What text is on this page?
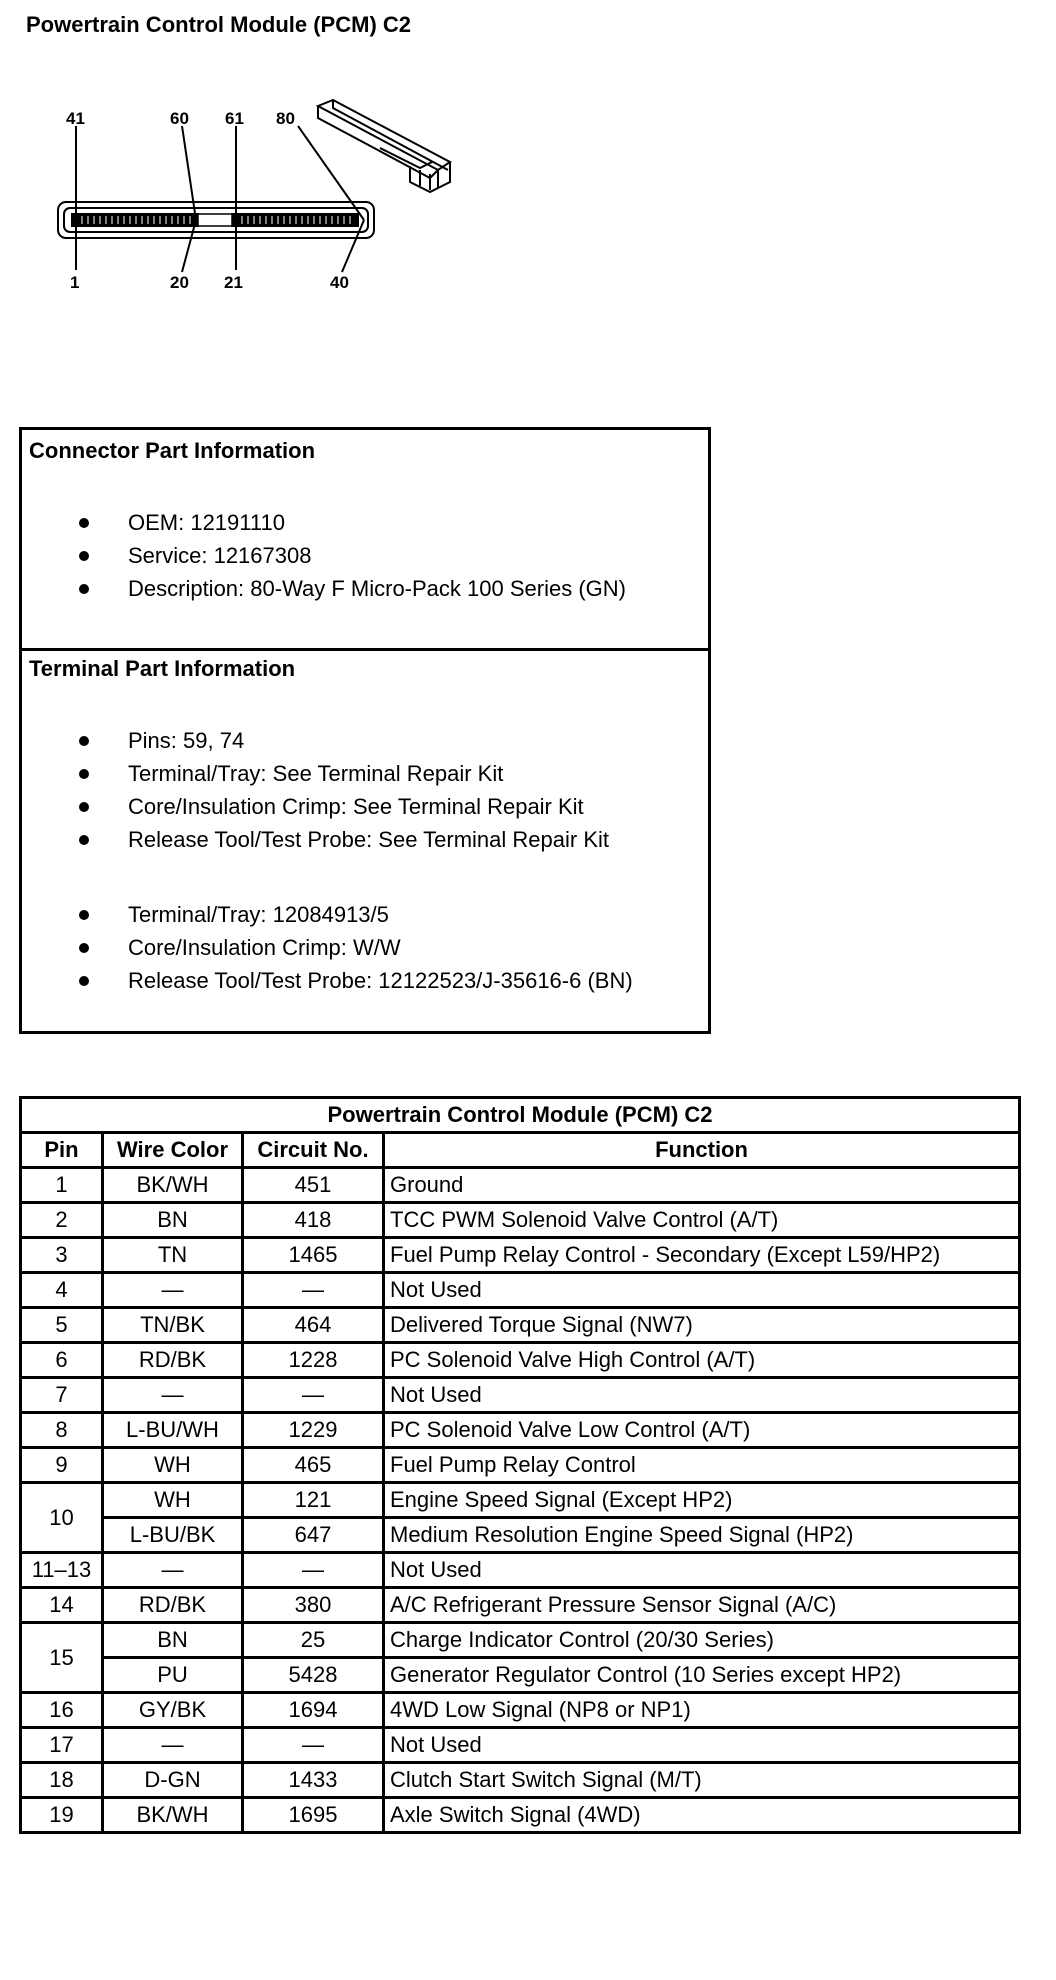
Powertrain Control Module (PCM) C2
41	60 61 80
1	20 21	40
Connector Part Information
OEM: 12191110
Service: 12167308
Description: 80-Way F Micro-Pack 100 Series (GN)
Terminal Part Information
Pins: 59, 74
Terminal/Tray: See Terminal Repair Kit
Core/Insulation Crimp: See Terminal Repair Kit
Release Tool/Test Probe: See Terminal Repair Kit
Terminal/Tray: 12084913/5
Core/Insulation Crimp: W/W
Release Tool/Test Probe: 12122523/J-35616-6 (BN)
Powertrain Control Module (PCM) C2			
Pin	Wire Color	Circuit No.	Function
1	BK/WH	451	Ground
2	BN	418	TCC PWM Solenoid Valve Control (A/T)
3	TN	1465	Fuel Pump Relay Control - Secondary (Except L59/HP2)
4	—	—	Not Used
5	TN/BK	464	Delivered Torque Signal (NW7)
6	RD/BK	1228	PC Solenoid Valve High Control (A/T)
7	—	—	Not Used
8	L-BU/WH	1229	PC Solenoid Valve Low Control (A/T)
9	WH	465	Fuel Pump Relay Control
10	WH	121	Engine Speed Signal (Except HP2)
	L-BU/BK	647	Medium Resolution Engine Speed Signal (HP2)
11–13	—	—	Not Used
14	RD/BK	380	A/C Refrigerant Pressure Sensor Signal (A/C)
15	BN	25	Charge Indicator Control (20/30 Series)
	PU	5428	Generator Regulator Control (10 Series except HP2)
16	GY/BK	1694	4WD Low Signal (NP8 or NP1)
17	—	—	Not Used
18	D-GN	1433	Clutch Start Switch Signal (M/T)
19	BK/WH	1695	Axle Switch Signal (4WD)
